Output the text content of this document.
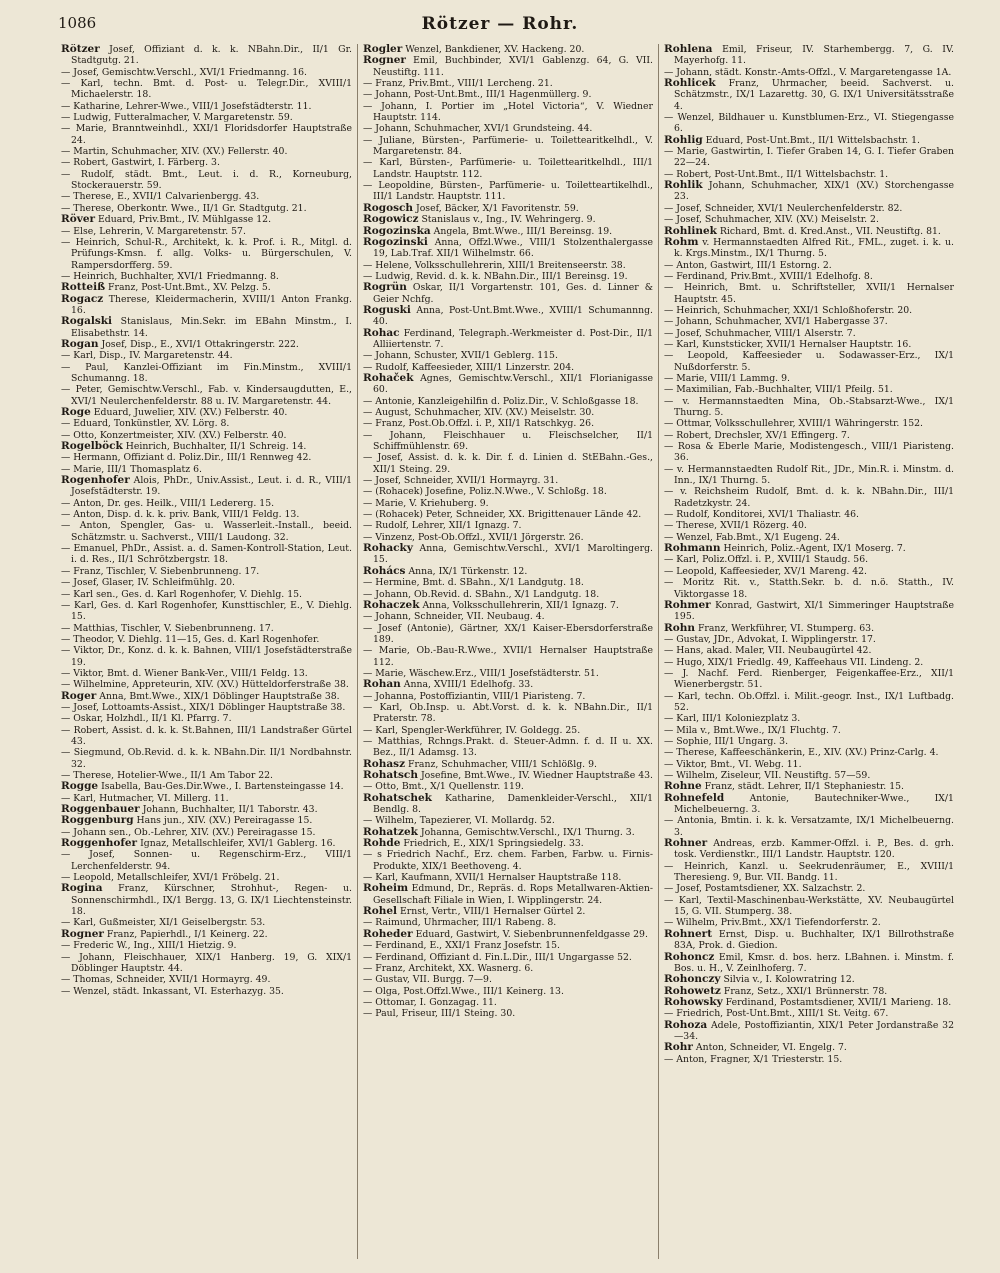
1086	Rötzer — Rohr.

Rötzer Josef, Offiziant d. k. k. NBahn.Dir., II/1 Gr. Stadtgutg. 21.

— Josef, Gemischtw.Verschl., XVI/1 Friedmanng. 16.

— Karl, techn. Bmt. d. Post- u. Telegr.Dir., XVIII/1 Michaelerstr. 18.

— Katharine, Lehrer-Wwe., VIII/1 Josefstädterstr. 11.

— Ludwig, Futteralmacher, V. Margaretenstr. 59.

— Marie, Branntweinhdl., XXI/1 Floridsdorfer Hauptstraße 24.

— Martin, Schuhmacher, XIV. (XV.) Fellerstr. 40.

— Robert, Gastwirt, I. Färberg. 3.

— Rudolf, städt. Bmt., Leut. i. d. R., Korneuburg, Stockerauerstr. 59.

— Therese, E., XVII/1 Calvarienbergg. 43.

— Therese, Oberkontr. Wwe., II/1 Gr. Stadtgutg. 21.

Röver Eduard, Priv.Bmt., IV. Mühlgasse 12.

— Else, Lehrerin, V. Margaretenstr. 57.

— Heinrich, Schul-R., Architekt, k. k. Prof. i. R., Mitgl. d. Prüfungs-Kmsn. f. allg. Volks- u. Bürgerschulen, V. Rampersdorfferg. 59.

— Heinrich, Buchhalter, XVI/1 Friedmanng. 8.

Rotteiß Franz, Post-Unt.Bmt., XV. Pelzg. 5.

Rogacz Therese, Kleidermacherin, XVIII/1 Anton Frankg. 16.

Rogalski Stanislaus, Min.Sekr. im EBahn Minstm., I. Elisabethstr. 14.

Rogan Josef, Disp., E., XVI/1 Ottakringerstr. 222.

— Karl, Disp., IV. Margaretenstr. 44.

— Paul, Kanzlei-Offiziant im Fin.Minstm., XVIII/1 Schumanng. 18.

— Peter, Gemischtw.Verschl., Fab. v. Kindersaugdutten, E., XVI/1 Neulerchenfelderstr. 88 u. IV. Margaretenstr. 44.

Roge Eduard, Juwelier, XIV. (XV.) Felberstr. 40.

— Eduard, Tonkünstler, XV. Lörg. 8.

— Otto, Konzertmeister, XIV. (XV.) Felberstr. 40.

Rogelböck Heinrich, Buchhalter, II/1 Schreig. 14.

— Hermann, Offiziant d. Poliz.Dir., III/1 Rennweg 42.

— Marie, III/1 Thomasplatz 6.

Rogenhofer Alois, PhDr., Univ.Assist., Leut. i. d. R., VIII/1 Josefstädterstr. 19.

— Anton, Dr. ges. Heilk., VIII/1 Ledererg. 15.

— Anton, Disp. d. k. k. priv. Bank, VIII/1 Feldg. 13.

— Anton, Spengler, Gas- u. Wasserleit.-Install., beeid. Schätzmstr. u. Sachverst., VIII/1 Laudong. 32.

— Emanuel, PhDr., Assist. a. d. Samen-Kontroll-Station, Leut. i. d. Res., II/1 Schrötzbergstr. 18.

— Franz, Tischler, V. Siebenbrunneng. 17.

— Josef, Glaser, IV. Schleifmühlg. 20.

— Karl sen., Ges. d. Karl Rogenhofer, V. Diehlg. 15.

— Karl, Ges. d. Karl Rogenhofer, Kunsttischler, E., V. Diehlg. 15.

— Matthias, Tischler, V. Siebenbrunneng. 17.

— Theodor, V. Diehlg. 11—15, Ges. d. Karl Rogenhofer.

— Viktor, Dr., Konz. d. k. k. Bahnen, VIII/1 Josefstädterstraße 19.

— Viktor, Bmt. d. Wiener Bank-Ver., VIII/1 Feldg. 13.

— Wilhelmine, Appreteurin, XIV. (XV.) Hütteldorferstraße 38.

Roger Anna, Bmt.Wwe., XIX/1 Döblinger Hauptstraße 38.

— Josef, Lottoamts-Assist., XIX/1 Döblinger Hauptstraße 38.

— Oskar, Holzhdl., II/1 Kl. Pfarrg. 7.

— Robert, Assist. d. k. k. St.Bahnen, III/1 Landstraßer Gürtel 43.

— Siegmund, Ob.Revid. d. k. k. NBahn.Dir. II/1 Nordbahnstr. 32.

— Therese, Hotelier-Wwe., II/1 Am Tabor 22.

Rogge Isabella, Bau-Ges.Dir.Wwe., I. Bartensteingasse 14.

— Karl, Hutmacher, VI. Millerg. 11.

Roggenbauer Johann, Buchhalter, II/1 Taborstr. 43.

Roggenburg Hans jun., XIV. (XV.) Pereiragasse 15.

— Johann sen., Ob.-Lehrer, XIV. (XV.) Pereiragasse 15.

Roggenhofer Ignaz, Metallschleifer, XVI/1 Gablerg. 16.

— Josef, Sonnen- u. Regenschirm-Erz., VIII/1 Lerchenfelderstr. 94.

— Leopold, Metallschleifer, XVI/1 Fröbelg. 21.

Rogina Franz, Kürschner, Strohhut-, Regen- u. Sonnenschirmhdl., IX/1 Bergg. 13, G. IX/1 Liechtensteinstr. 18.

— Karl, Gußmeister, XI/1 Geiselbergstr. 53.

Rogner Franz, Papierhdl., I/1 Keinerg. 22.

— Frederic W., Ing., XIII/1 Hietzig. 9.

— Johann, Fleischhauer, XIX/1 Hanberg. 19, G. XIX/1 Döblinger Hauptstr. 44.

— Thomas, Schneider, XVII/1 Hormayrg. 49.

— Wenzel, städt. Inkassant, VI. Esterhazyg. 35.

Rogler Wenzel, Bankdiener, XV. Hackeng. 20.

Rogner Emil, Buchbinder, XVI/1 Gablenzg. 64, G. VII. Neustiftg. 111.

— Franz, Priv.Bmt., VIII/1 Lercheng. 21.

— Johann, Post-Unt.Bmt., III/1 Hagenmüllerg. 9.

— Johann, I. Portier im „Hotel Victoria“, V. Wiedner Hauptstr. 114.

— Johann, Schuhmacher, XVI/1 Grundsteing. 44.

— Juliane, Bürsten-, Parfümerie- u. Toilettearitkelhdl., V. Margaretenstr. 84.

— Karl, Bürsten-, Parfümerie- u. Toilettearitkelhdl., III/1 Landstr. Hauptstr. 112.

— Leopoldine, Bürsten-, Parfümerie- u. Toiletteartikelhdl., III/1 Landstr. Hauptstr. 111.

Rogosch Josef, Bäcker, X/1 Favoritenstr. 59.

Rogowicz Stanislaus v., Ing., IV. Wehringerg. 9.

Rogozinska Angela, Bmt.Wwe., III/1 Bereinsg. 19.

Rogozinski Anna, Offzl.Wwe., VIII/1 Stolzenthalergasse 19, Lab.Traf. XII/1 Wilhelmstr. 66.

— Helene, Volksschullehrerin, XIII/1 Breitenseerstr. 38.

— Ludwig, Revid. d. k. k. NBahn.Dir., III/1 Bereinsg. 19.

Rogrün Oskar, II/1 Vorgartenstr. 101, Ges. d. Linner & Geier Nchfg.

Roguski Anna, Post-Unt.Bmt.Wwe., XVIII/1 Schumannng. 40.

Rohac Ferdinand, Telegraph.-Werkmeister d. Post-Dir., II/1 Alliiertenstr. 7.

— Johann, Schuster, XVII/1 Geblerg. 115.

— Rudolf, Kaffeesieder, XIII/1 Linzerstr. 204.

Rohaček Agnes, Gemischtw.Verschl., XII/1 Florianigasse 60.

— Antonie, Kanzleigehilfin d. Poliz.Dir., V. Schloßgasse 18.

— August, Schuhmacher, XIV. (XV.) Meiselstr. 30.

— Franz, Post.Ob.Offzl. i. P., XII/1 Ratschkyg. 26.

— Johann, Fleischhauer u. Fleischselcher, II/1 Schiffmühlenstr. 69.

— Josef, Assist. d. k. k. Dir. f. d. Linien d. StEBahn.-Ges., XII/1 Steing. 29.

— Josef, Schneider, XVII/1 Hormayrg. 31.

— (Rohacek) Josefine, Poliz.N.Wwe., V. Schloßg. 18.

— Marie, V. Kriehuberg. 9.

— (Rohacek) Peter, Schneider, XX. Brigittenauer Lände 42.

— Rudolf, Lehrer, XII/1 Ignazg. 7.

— Vinzenz, Post-Ob.Offzl., XVII/1 Jörgerstr. 26.

Rohacky Anna, Gemischtw.Verschl., XVI/1 Maroltingerg. 15.

Rohács Anna, IX/1 Türkenstr. 12.

— Hermine, Bmt. d. SBahn., X/1 Landgutg. 18.

— Johann, Ob.Revid. d. SBahn., X/1 Landgutg. 18.

Rohaczek Anna, Volksschullehrerin, XII/1 Ignazg. 7.

— Johann, Schneider, VII. Neubaug. 4.

— Josef (Antonie), Gärtner, XX/1 Kaiser-Ebersdorferstraße 189.

— Marie, Ob.-Bau-R.Wwe., XVII/1 Hernalser Hauptstraße 112.

— Marie, Wäschew.Erz., VIII/1 Josefstädterstr. 51.

Rohan Anna, XVIII/1 Edelhofg. 33.

— Johanna, Postoffiziantin, VIII/1 Piaristeng. 7.

— Karl, Ob.Insp. u. Abt.Vorst. d. k. k. NBahn.Dir., II/1 Praterstr. 78.

— Karl, Spengler-Werkführer, IV. Goldegg. 25.

— Matthias, Rchngs.Prakt. d. Steuer-Admn. f. d. II u. XX. Bez., II/1 Adamsg. 13.

Rohasz Franz, Schuhmacher, VIII/1 Schlößlg. 9.

Rohatsch Josefine, Bmt.Wwe., IV. Wiedner Hauptstraße 43.

— Otto, Bmt., X/1 Quellenstr. 119.

Rohatschek Katharine, Damenkleider-Verschl., XII/1 Bendlg. 8.

— Wilhelm, Tapezierer, VI. Mollardg. 52.

Rohatzek Johanna, Gemischtw.Verschl., IX/1 Thurng. 3.

Rohde Friedrich, E., XIX/1 Springsiedelg. 33.

— s Friedrich Nachf., Erz. chem. Farben, Farbw. u. Firnis-Produkte, XIX/1 Beethoveng. 4.

— Karl, Kaufmann, XVII/1 Hernalser Hauptstraße 118.

Roheim Edmund, Dr., Repräs. d. Rops Metallwaren-Aktien-Gesellschaft Filiale in Wien, I. Wipplingerstr. 24.

Rohel Ernst, Vertr., VIII/1 Hernalser Gürtel 2.

— Raimund, Uhrmacher, III/1 Rabeng. 8.

Roheder Eduard, Gastwirt, V. Siebenbrunnenfeldgasse 29.

— Ferdinand, E., XXI/1 Franz Josefstr. 15.

— Ferdinand, Offiziant d. Fin.L.Dir., III/1 Ungargasse 52.

— Franz, Architekt, XX. Wasnerg. 6.

— Gustav, VII. Burgg. 7—9.

— Olga, Post.Offzl.Wwe., III/1 Keinerg. 13.

— Ottomar, I. Gonzagag. 11.

— Paul, Friseur, III/1 Steing. 30.

Rohlena Emil, Friseur, IV. Starhembergg. 7, G. IV. Mayerhofg. 11.

— Johann, städt. Konstr.-Amts-Offzl., V. Margaretengasse 1A.

Rohlicek Franz, Uhrmacher, beeid. Sachverst. u. Schätzmstr., IX/1 Lazarettg. 30, G. IX/1 Universitätsstraße 4.

— Wenzel, Bildhauer u. Kunstblumen-Erz., VI. Stiegengasse 6.

Rohlig Eduard, Post-Unt.Bmt., II/1 Wittelsbachstr. 1.

— Marie, Gastwirtin, I. Tiefer Graben 14, G. I. Tiefer Graben 22—24.

— Robert, Post-Unt.Bmt., II/1 Wittelsbachstr. 1.

Rohlik Johann, Schuhmacher, XIX/1 (XV.) Storchengasse 23.

— Josef, Schneider, XVI/1 Neulerchenfelderstr. 82.

— Josef, Schuhmacher, XIV. (XV.) Meiselstr. 2.

Rohlinek Richard, Bmt. d. Kred.Anst., VII. Neustiftg. 81.

Rohm v. Hermannstaedten Alfred Rit., FML., zuget. i. k. u. k. Krgs.Minstm., IX/1 Thurng. 5.

— Anton, Gastwirt, III/1 Estorng. 2.

— Ferdinand, Priv.Bmt., XVIII/1 Edelhofg. 8.

— Heinrich, Bmt. u. Schriftsteller, XVII/1 Hernalser Hauptstr. 45.

— Heinrich, Schuhmacher, XXI/1 Schloßhoferstr. 20.

— Johann, Schuhmacher, XVI/1 Habergasse 37.

— Josef, Schuhmacher, VIII/1 Alserstr. 7.

— Karl, Kunststicker, XVII/1 Hernalser Hauptstr. 16.

— Leopold, Kaffeesieder u. Sodawasser-Erz., IX/1 Nußdorferstr. 5.

— Marie, VIII/1 Lammg. 9.

— Maximilian, Fab.-Buchhalter, VIII/1 Pfeilg. 51.

— v. Hermannstaedten Mina, Ob.-Stabsarzt-Wwe., IX/1 Thurng. 5.

— Ottmar, Volksschullehrer, XVIII/1 Währingerstr. 152.

— Robert, Drechsler, XV/1 Effingerg. 7.

— Rosa & Eberle Marie, Modistengesch., VIII/1 Piaristeng. 36.

— v. Hermannstaedten Rudolf Rit., JDr., Min.R. i. Minstm. d. Inn., IX/1 Thurng. 5.

— v. Reichsheim Rudolf, Bmt. d. k. k. NBahn.Dir., III/1 Radetzkystr. 24.

— Rudolf, Konditorei, XVI/1 Thaliastr. 46.

— Therese, XVII/1 Rözerg. 40.

— Wenzel, Fab.Bmt., X/1 Eugeng. 24.

Rohmann Heinrich, Poliz.-Agent, IX/1 Moserg. 7.

— Karl, Poliz.Offzl. i. P., XVIII/1 Staudg. 56.

— Leopold, Kaffeesieder, XV/1 Mareng. 42.

— Moritz Rit. v., Statth.Sekr. b. d. n.ö. Statth., IV. Viktorgasse 18.

Rohmer Konrad, Gastwirt, XI/1 Simmeringer Hauptstraße 195.

Rohn Franz, Werkführer, VI. Stumperg. 63.

— Gustav, JDr., Advokat, I. Wipplingerstr. 17.

— Hans, akad. Maler, VII. Neubaugürtel 42.

— Hugo, XIX/1 Friedlg. 49, Kaffeehaus VII. Lindeng. 2.

— J. Nachf. Ferd. Rienberger, Feigenkaffee-Erz., XII/1 Wienerbergstr. 51.

— Karl, techn. Ob.Offzl. i. Milit.-geogr. Inst., IX/1 Luftbadg. 52.

— Karl, III/1 Koloniezplatz 3.

— Mila v., Bmt.Wwe., IX/1 Fluchtg. 7.

— Sophie, III/1 Ungarg. 3.

— Therese, Kaffeeschänkerin, E., XIV. (XV.) Prinz-Carlg. 4.

— Viktor, Bmt., VI. Webg. 11.

— Wilhelm, Ziseleur, VII. Neustiftg. 57—59.

Rohne Franz, städt. Lehrer, II/1 Stephaniestr. 15.

Rohnefeld	Antonie, Bautechniker-Wwe., IX/1 Michelbeuerng. 3.

— Antonia, Bmtin. i. k. k. Versatzamte, IX/1 Michelbeuerng. 3.

Rohner Andreas, erzb. Kammer-Offzl. i. P., Bes. d. grh. tosk. Verdienstkr., III/1 Landstr. Hauptstr. 120.

— Heinrich, Kanzl. u. Seekrudenräumer, E., XVIII/1 Theresieng. 9, Bur. VII. Bandg. 11.

— Josef, Postamtsdiener, XX. Salzachstr. 2.

— Karl, Textil-Maschinenbau-Werkstätte, XV. Neubaugürtel 15, G. VII. Stumperg. 38.

— Wilhelm, Priv.Bmt., XX/1 Tiefendorferstr. 2.

Rohnert Ernst, Disp. u. Buchhalter, IX/1 Billrothstraße 83A, Prok. d. Giedion.

Rohoncz Emil, Kmsr. d. bos. herz. LBahnen. i. Minstm. f. Bos. u. H., V. Zeinlhoferg. 7.

Rohonczy Silvia v., I. Kolowratring 12.

Rohowetz Franz, Setz., XXI/1 Brünnerstr. 78.

Rohowsky Ferdinand, Postamtsdiener, XVII/1 Marieng. 18.

— Friedrich, Post-Unt.Bmt., XIII/1 St. Veitg. 67.

Rohoza Adele, Postoffiziantin, XIX/1 Peter Jordanstraße 32—34.

Rohr Anton, Schneider, VI. Engelg. 7.

— Anton, Fragner, X/1 Triesterstr. 15.
